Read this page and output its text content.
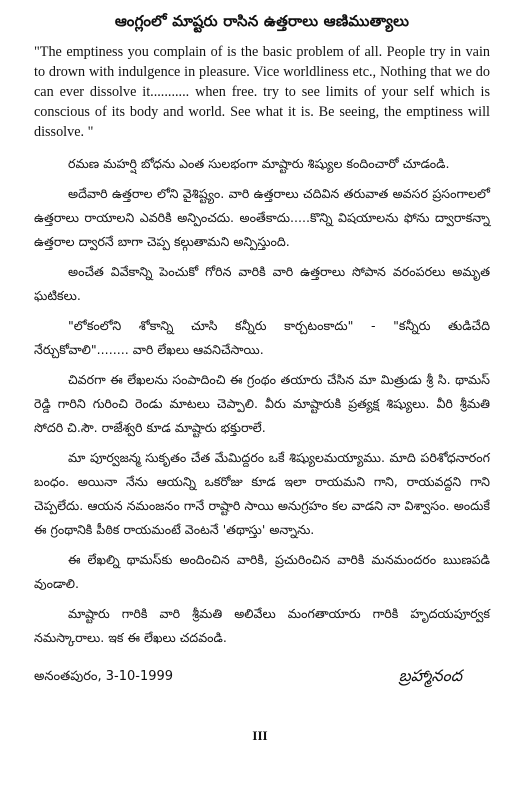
ఆంగ్లంలో మాష్టరు రాసిన ఉత్తరాలు ఆణిముత్యాలు
"The emptiness you complain of is the basic problem of all. People try in vain to drown with indulgence in pleasure. Vice worldliness etc., Nothing that we do can ever dissolve it........... when free. try to see limits of your self which is conscious of its body and world. See what it is. Be seeing, the emptiness will dissolve. "
రమణ మహర్షి బోధను ఎంత సులభంగా మాష్టారు శిష్యుల కందించారో చూడండి.
అదేవారి ఉత్తరాల లోని వైశిష్ట్యం. వారి ఉత్తరాలు చదివిన తరువాత అవసర ప్రసంగాలలో ఉత్తరాలు రాయాలని ఎవరికి అన్పించదు. అంతేకాదు.....కొన్ని విషయాలను ఫోను ద్వారాకన్నా ఉత్తరాల ద్వారనే బాగా చెప్ప కల్గుతామని అన్పిస్తుంది.
అంచేత వివేకాన్ని పెంచుకో గోరిన వారికి వారి ఉత్తరాలు సోపాన వరంపరలు అమృత ఘటికలు.
"లోకంలోని శోకాన్ని చూసి కన్నీరు కార్చటంకాదు" - "కన్నీరు తుడిచేది నేర్చుకోవాలి"........ వారి లేఖలు ఆవనిచేసాయి.
చివరగా ఈ లేఖలను సంపాదించి ఈ గ్రంథం తయారు చేసిన మా మిత్రుడు శ్రీ సి. థామస్ రెడ్డి గారిని గురించి రెండు మాటలు చెప్పాలి. వీరు మాష్టారుకి ప్రత్యక్ష శిష్యులు. వీరి శ్రీమతి సోదరి చి.సౌ. రాజేశ్వరి కూడ మాష్టారు భక్తురాలే.
మా పూర్వజన్మ సుకృతం చేత మేమిద్దరం ఒకే శిష్యులమయ్యాము. మాది పరిశోధనారంగ బంధం. అయినా నేను ఆయన్ని ఒకరోజు కూడ ఇలా రాయమని గాని, రాయవద్దని గాని చెప్పలేదు. ఆయన నమంజనం గానే రాష్టారి సాయి అనుగ్రహం కల వాడని నా విశ్వాసం. అందుకే ఈ గ్రంథానికి పీఠిక రాయమంటే వెంటనే 'తథాస్తు' అన్నాను.
ఈ లేఖల్ని థామస్‌కు అందించిన వారికి, ప్రచురించిన వారికి మనమందరం ఋణపడి వుండాలి.
మాష్టారు గారికి వారి శ్రీమతి అలివేలు మంగతాయారు గారికి హృదయపూర్వక నమస్కారాలు. ఇక ఈ లేఖలు చదవండి.
అనంతపురం, 3-10-1999	బ్రహ్మానంద
III
